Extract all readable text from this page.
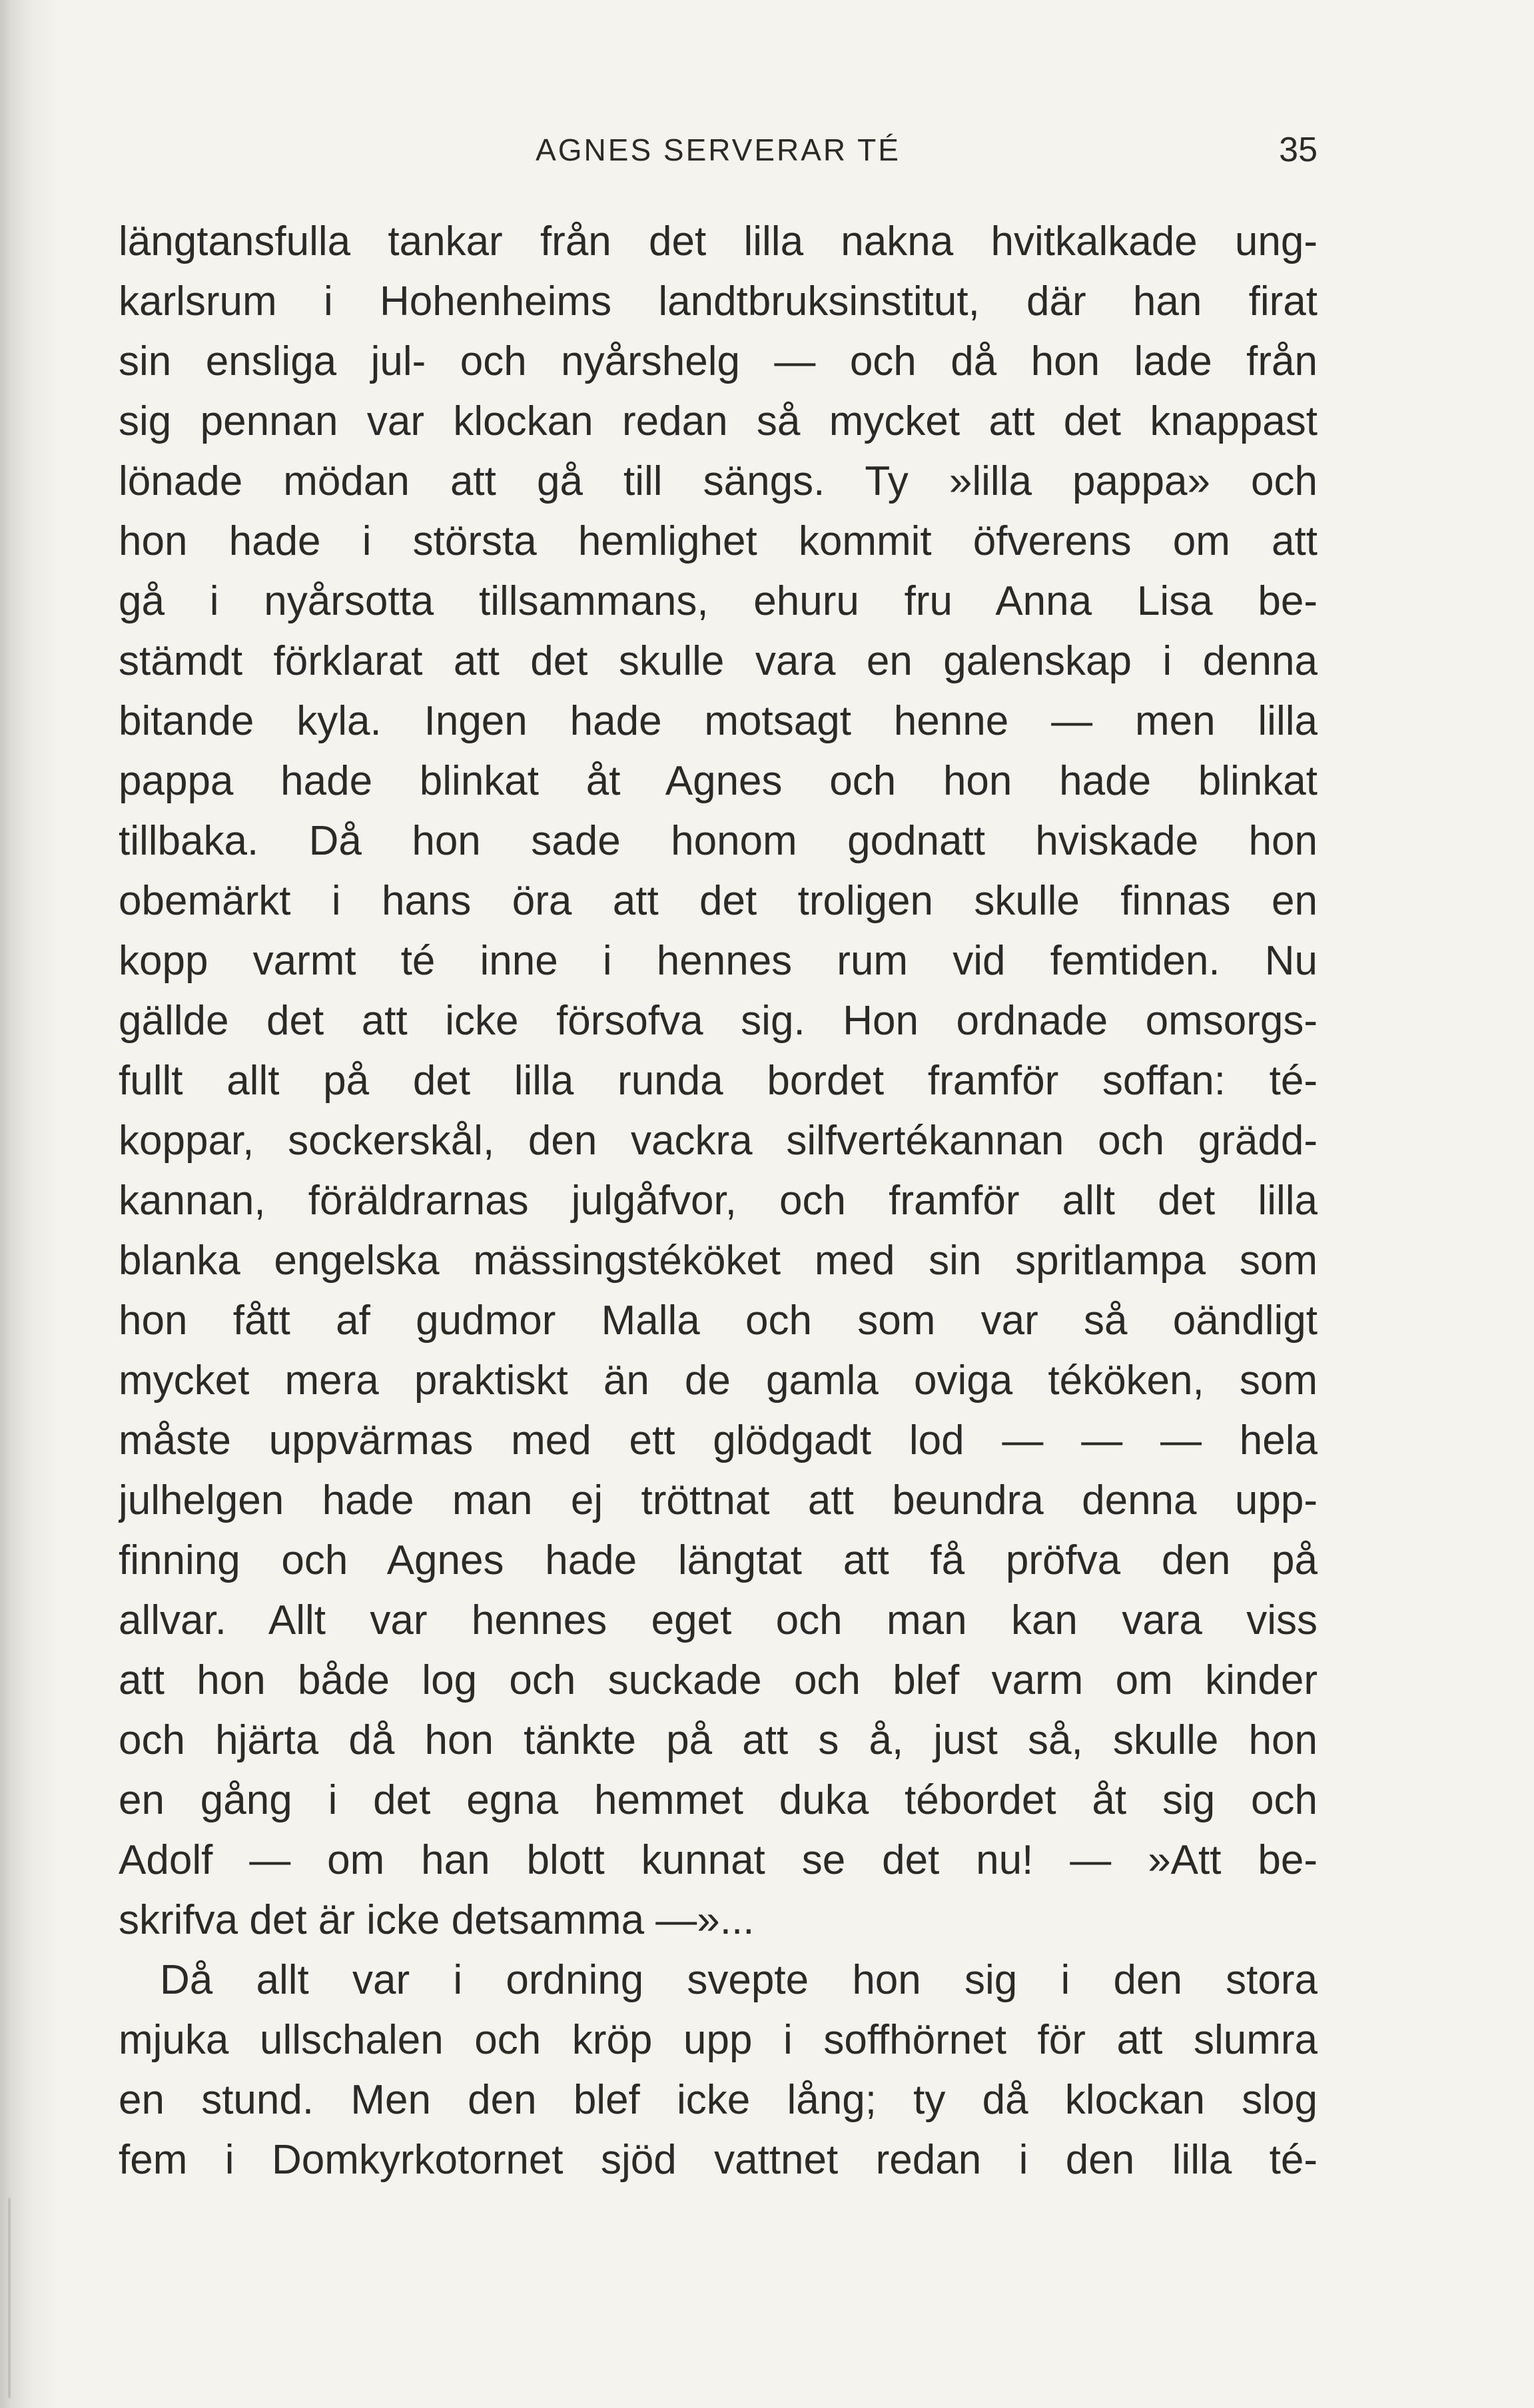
AGNES SERVERAR TÉ	35
längtansfulla tankar från det lilla nakna hvitkalkade ung-
karlsrum i Hohenheims landtbruksinstitut, där han firat
sin ensliga jul- och nyårshelg — och då hon lade från
sig pennan var klockan redan så mycket att det knappast
lönade mödan att gå till sängs. Ty »lilla pappa» och
hon hade i största hemlighet kommit öfverens om att
gå i nyårsotta tillsammans, ehuru fru Anna Lisa be-
stämdt förklarat att det skulle vara en galenskap i denna
bitande kyla. Ingen hade motsagt henne — men lilla
pappa hade blinkat åt Agnes och hon hade blinkat
tillbaka. Då hon sade honom godnatt hviskade hon
obemärkt i hans öra att det troligen skulle finnas en
kopp varmt té inne i hennes rum vid femtiden. Nu
gällde det att icke försofva sig. Hon ordnade omsorgs-
fullt allt på det lilla runda bordet framför soffan: té-
koppar, sockerskål, den vackra silfvertékannan och grädd-
kannan, föräldrarnas julgåfvor, och framför allt det lilla
blanka engelska mässingstéköket med sin spritlampa som
hon fått af gudmor Malla och som var så oändligt
mycket mera praktiskt än de gamla oviga téköken, som
måste uppvärmas med ett glödgadt lod — — — hela
julhelgen hade man ej tröttnat att beundra denna upp-
finning och Agnes hade längtat att få pröfva den på
allvar. Allt var hennes eget och man kan vara viss
att hon både log och suckade och blef varm om kinder
och hjärta då hon tänkte på att s å, just så, skulle hon
en gång i det egna hemmet duka tébordet åt sig och
Adolf — om han blott kunnat se det nu! — »Att be-
skrifva det är icke detsamma —»...
Då allt var i ordning svepte hon sig i den stora
mjuka ullschalen och kröp upp i soffhörnet för att slumra
en stund. Men den blef icke lång; ty då klockan slog
fem i Domkyrkotornet sjöd vattnet redan i den lilla té-
